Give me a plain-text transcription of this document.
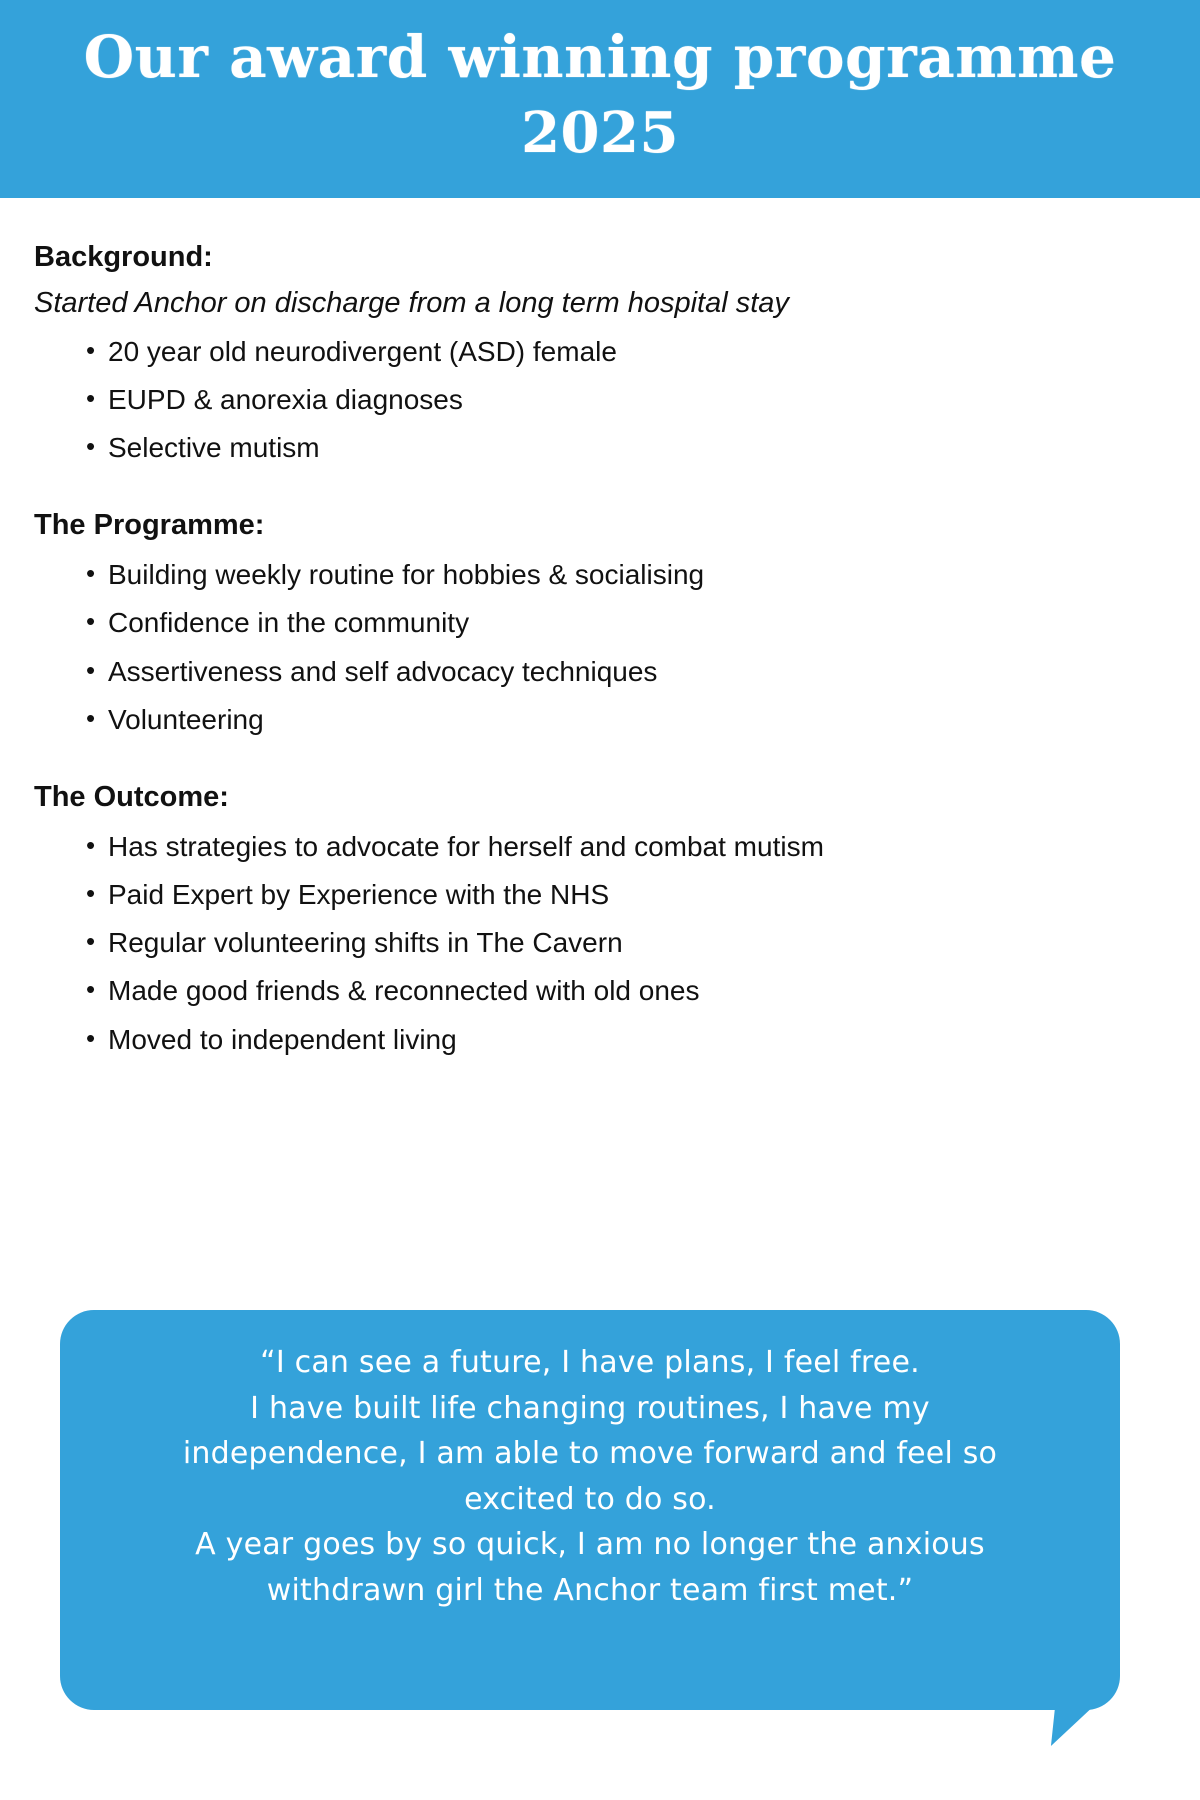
Our award winning programme
2025
Background:
Started Anchor on discharge from a long term hospital stay
• 20 year old neurodivergent (ASD) female
• EUPD & anorexia diagnoses
• Selective mutism
The Programme:
• Building weekly routine for hobbies & socialising
• Confidence in the community
• Assertiveness and self advocacy techniques
• Volunteering
The Outcome:
• Has strategies to advocate for herself and combat mutism
• Paid Expert by Experience with the NHS
• Regular volunteering shifts in The Cavern
• Made good friends & reconnected with old ones
• Moved to independent living
“I can see a future, I have plans, I feel free.
I have built life changing routines, I have my
independence, I am able to move forward and feel so
excited to do so.
A year goes by so quick, I am no longer the anxious
withdrawn girl the Anchor team first met.”
